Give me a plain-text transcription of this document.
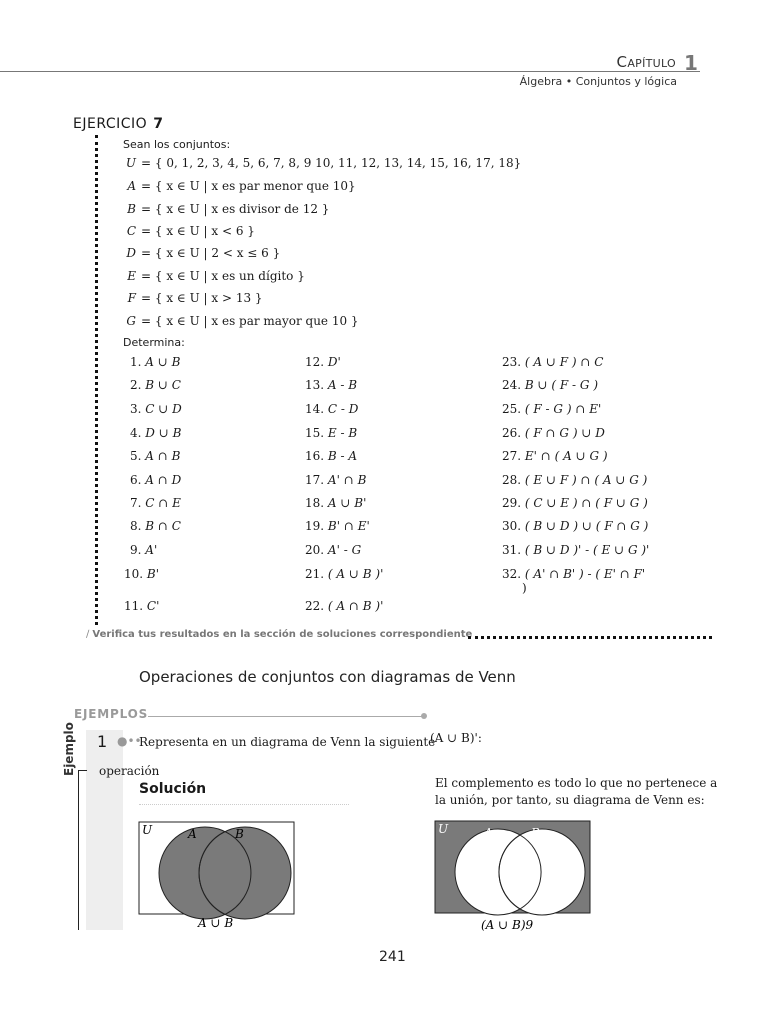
Capítulo 1
Álgebra • Conjuntos y lógica
EJERCICIO 7
Sean los conjuntos:
U = { 0, 1, 2, 3, 4, 5, 6, 7, 8, 9 10, 11, 12, 13, 14, 15, 16, 17, 18}
A = { x ∈ U | x es par menor que 10}
B = { x ∈ U | x es divisor de 12 }
C = { x ∈ U | x < 6 }
D = { x ∈ U | 2 < x ≤ 6 }
E = { x ∈ U | x es un dígito }
F = { x ∈ U | x > 13 }
G = { x ∈ U | x es par mayor que 10 }
Determina:
1. A ∪ B
2. B ∪ C
3. C ∪ D
4. D ∪ B
5. A ∩ B
6. A ∩ D
7. C ∩ E
8. B ∩ C
9. A'
10. B'
11. C'
12. D'
13. A - B
14. C - D
15. E - B
16. B - A
17. A' ∩ B
18. A ∪ B'
19. B' ∩ E'
20. A' - G
21. ( A ∪ B )'
22. ( A ∩ B )'
23. ( A ∪ F ) ∩ C
24. B ∪ ( F - G )
25. ( F - G ) ∩ E'
26. ( F ∩ G ) ∪ D
27. E' ∩ ( A ∪ G )
28. ( E ∪ F ) ∩ ( A ∪ G )
29. ( C ∪ E ) ∩ ( F ∪ G )
30. ( B ∪ D ) ∪ ( F ∩ G )
31. ( B ∪ D )' - ( E ∪ G )'
32. ( A' ∩ B' ) - ( E' ∩ F'
)
∕ Verifica tus resultados en la sección de soluciones correspondiente
Operaciones de conjuntos con diagramas de Venn
EJEMPLOS
Ejemplo 1 ●••
Representa en un diagrama de Venn la siguiente
operación
Solución
(A ∪ B)':
El complemento es todo lo que no pertenece a la unión, por tanto, su diagrama de Venn es:
U	A	B
A ∪ B
U	A	B
(A ∪ B)9
241
